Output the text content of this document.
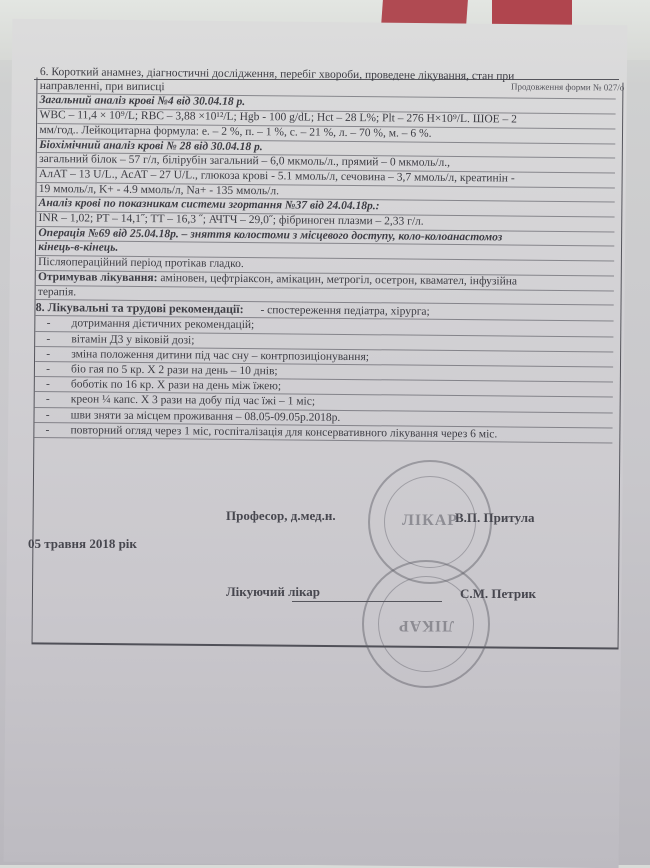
6. Короткий анамнез, діагностичні дослідження, перебіг хвороби, проведене лікування, стан при
направленні, при виписці
Загальний аналіз крові №4 від 30.04.18 р.
WBC – 11,4 × 10⁹/L; RBC – 3,88 ×10¹²/L; Hgb - 100 g/dL; Hct – 28 L%; Plt – 276 H×10⁹/L. ШОЕ – 2
мм/год.. Лейкоцитарна формула: е. – 2 %, п. – 1 %, с. – 21 %, л. – 70 %, м. – 6 %.
Біохімічний аналіз крові № 28 від 30.04.18 р.
загальний білок – 57 г/л, білірубін загальний – 6,0 мкмоль/л., прямий – 0 мкмоль/л.,
АлАТ – 13 U/L., АсАТ – 27 U/L., глюкоза крові - 5.1 ммоль/л, сечовина – 3,7 ммоль/л, креатинін -
19 ммоль/л, K+ - 4.9 ммоль/л, Na+ - 135 ммоль/л.
Аналіз крові по показникам системи згортання №37 від 24.04.18р.:
INR – 1,02; PT – 14,1˝; TT – 16,3 ˝; АЧТЧ – 29,0˝; фібриноген плазми – 2,33 г/л.
Операція №69 від 25.04.18р. – зняття колостоми з місцевого доступу, коло-колоанастомоз
кінець-в-кінець.
Післяопераційний період протікав гладко.
Отримував лікування: аміновен, цефтріаксон, амікацин, метрогіл, осетрон, квамател, інфузійна
терапія.
8. Лікувальні та трудові рекомендації: - спостереження педіатра, хірурга;
- дотримання дієтичних рекомендацій;
- вітамін Д3 у віковій дозі;
- зміна положення дитини під час сну – контрпозиціонування;
- біо гая по 5 кр. Х 2 рази на день – 10 днів;
- боботік по 16 кр. Х рази на день між їжею;
- креон ¼ капс. Х 3 рази на добу під час їжі – 1 міс;
- шви зняти за місцем проживання – 08.05-09.05р.2018р.
- повторний огляд через 1 міс, госпіталізація для консервативного лікування через 6 міс.
Продовження форми № 027/о
ЛІКАР
ЛІКАР
Професор, д.мед.н.	В.П. Притула
05 травня 2018 рік
Лікуючий лікар	С.М. Петрик
